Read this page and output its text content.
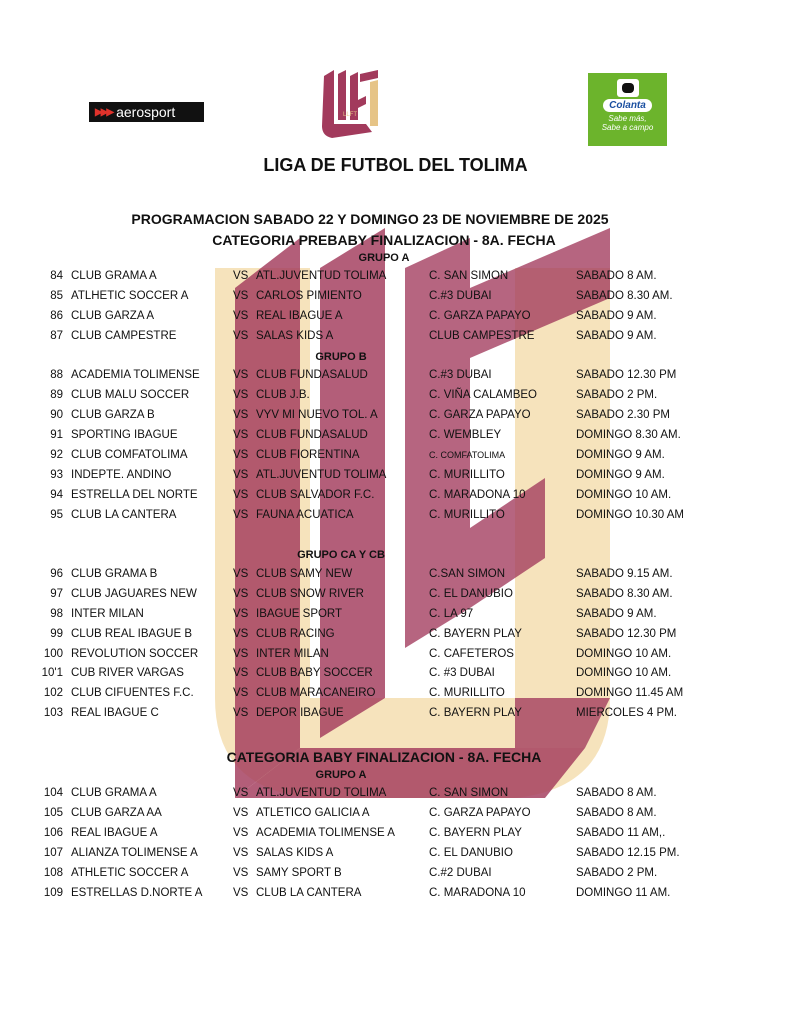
▶▶▶ aerosport	LLFT
Colanta
Sabe más,
Sabe a campo
LIGA DE FUTBOL DEL TOLIMA
PROGRAMACION SABADO 22 Y DOMINGO 23 DE NOVIEMBRE DE 2025
CATEGORIA PREBABY FINALIZACION - 8A. FECHA
GRUPO A
84 CLUB GRAMA A	VS ATL.JUVENTUD TOLIMA	C. SAN SIMON	SABADO 8 AM.
85 ATLHETIC SOCCER A	VS CARLOS PIMIENTO	C.#3 DUBAI	SABADO 8.30 AM.
86 CLUB GARZA A	VS REAL IBAGUE A	C. GARZA PAPAYO	SABADO 9 AM.
87 CLUB CAMPESTRE	VS SALAS KIDS A	CLUB CAMPESTRE	SABADO 9 AM.
GRUPO B
88 ACADEMIA TOLIMENSE	VS CLUB FUNDASALUD	C.#3 DUBAI	SABADO 12.30 PM
89 CLUB MALU SOCCER	VS CLUB J.B.	C. VIÑA CALAMBEO	SABADO 2 PM.
90 CLUB GARZA B	VS VYV MI NUEVO TOL. A	C. GARZA PAPAYO	SABADO 2.30 PM
91 SPORTING IBAGUE	VS CLUB FUNDASALUD	C. WEMBLEY	DOMINGO 8.30 AM.
92 CLUB COMFATOLIMA	VS CLUB FIORENTINA	C. COMFATOLIMA	DOMINGO 9 AM.
93 INDEPTE. ANDINO	VS ATL.JUVENTUD TOLIMA	C. MURILLITO	DOMINGO 9 AM.
94 ESTRELLA DEL NORTE	VS CLUB SALVADOR F.C.	C. MARADONA 10	DOMINGO 10 AM.
95 CLUB LA CANTERA	VS FAUNA ACUATICA	C. MURILLITO	DOMINGO 10.30 AM
GRUPO CA Y CB
96 CLUB GRAMA B	VS CLUB SAMY NEW	C.SAN SIMON	SABADO 9.15 AM.
97 CLUB JAGUARES NEW	VS CLUB SNOW RIVER	C. EL DANUBIO	SABADO 8.30 AM.
98 INTER MILAN	VS IBAGUE SPORT	C. LA 97	SABADO 9 AM.
99 CLUB REAL IBAGUE B	VS CLUB RACING	C. BAYERN PLAY	SABADO 12.30 PM
100 REVOLUTION SOCCER	VS INTER MILAN	C. CAFETEROS	DOMINGO 10 AM.
10'1 CUB RIVER VARGAS	VS CLUB BABY SOCCER	C. #3 DUBAI	DOMINGO 10 AM.
102 CLUB CIFUENTES F.C.	VS CLUB MARACANEIRO	C. MURILLITO	DOMINGO 11.45 AM
103 REAL IBAGUE C	VS DEPOR IBAGUE	C. BAYERN PLAY	MIERCOLES 4 PM.
CATEGORIA BABY FINALIZACION - 8A. FECHA
GRUPO A
104 CLUB GRAMA A	VS ATL.JUVENTUD TOLIMA	C. SAN SIMON	SABADO 8 AM.
105 CLUB GARZA AA	VS ATLETICO GALICIA A	C. GARZA PAPAYO	SABADO 8 AM.
106 REAL IBAGUE A	VS ACADEMIA TOLIMENSE A	C. BAYERN PLAY	SABADO 11 AM,.
107 ALIANZA TOLIMENSE A	VS SALAS KIDS A	C. EL DANUBIO	SABADO 12.15 PM.
108 ATHLETIC SOCCER A	VS SAMY SPORT B	C.#2 DUBAI	SABADO 2 PM.
109 ESTRELLAS D.NORTE A	VS CLUB LA CANTERA	C. MARADONA 10	DOMINGO 11 AM.
